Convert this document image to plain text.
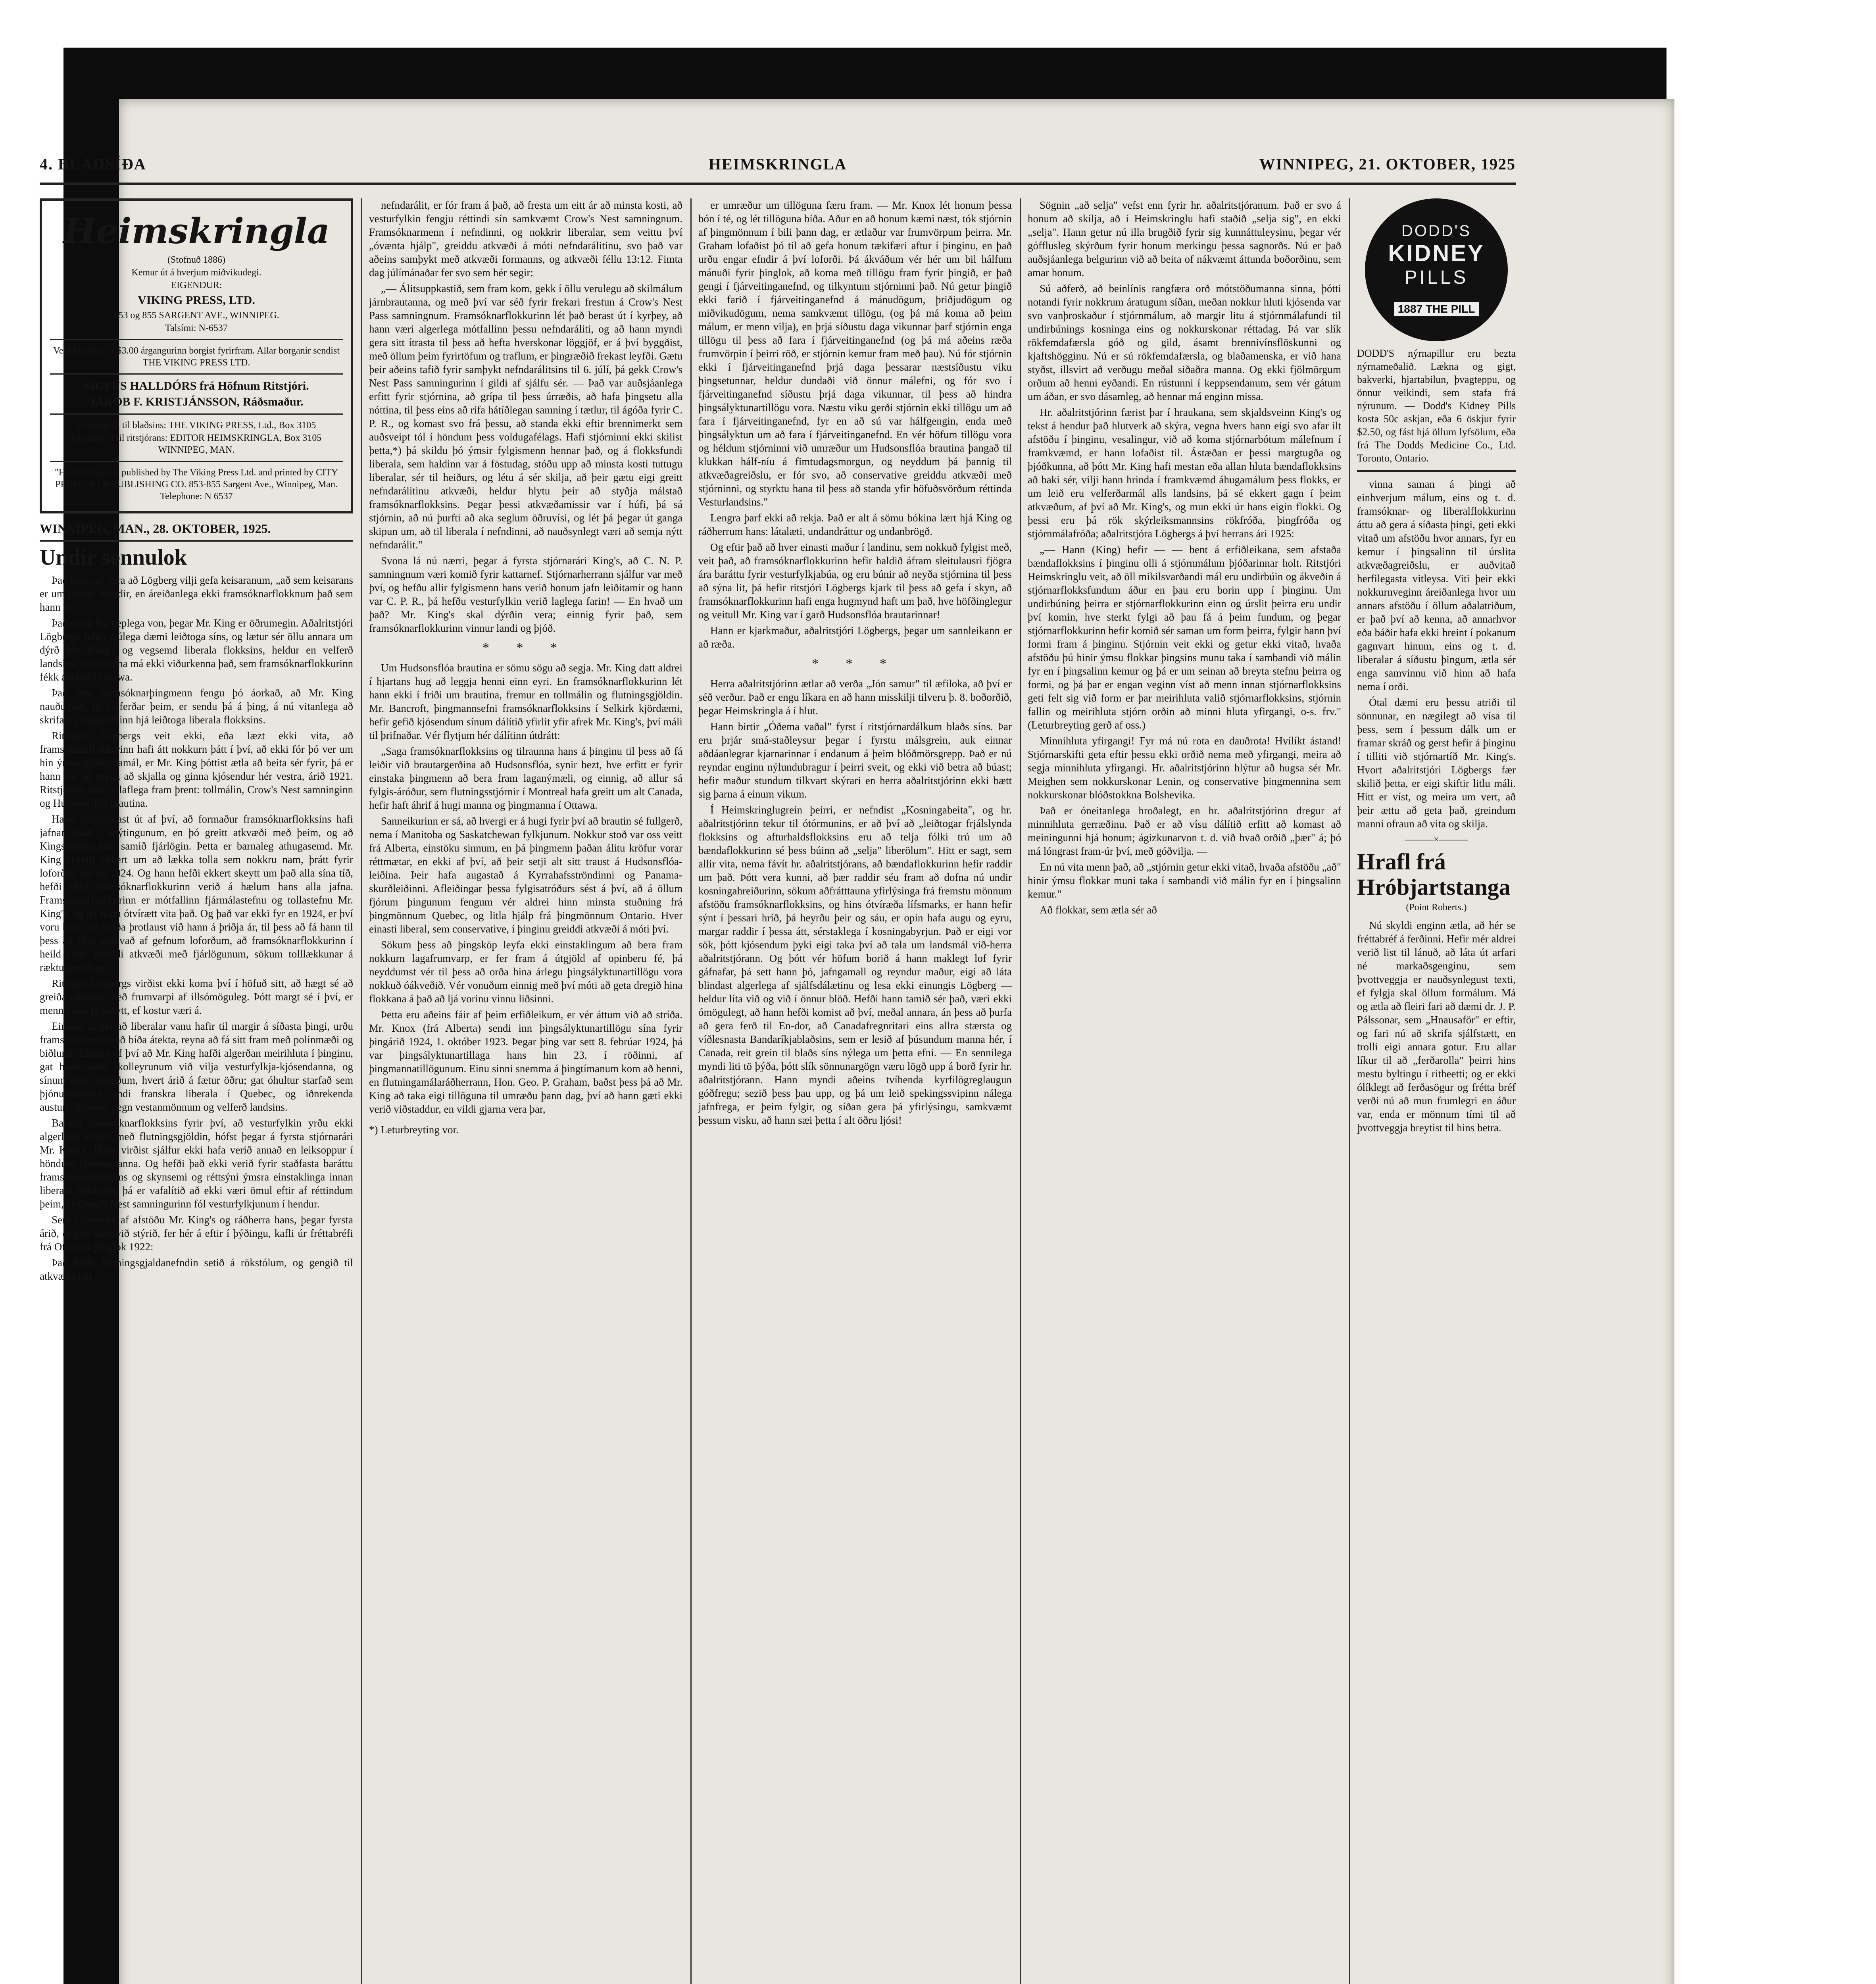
4. BLADSÍÐA	HEIMSKRINGLA	WINNIPEG, 21. OKTOBER, 1925
Heimskringla
(Stofnuð 1886)
Kemur út á hverjum miðvikudegi.
EIGENDUR:
VIKING PRESS, LTD.
853 og 855 SARGENT AVE., WINNIPEG.
Talsími: N-6537
Verð blaðsins er $3.00 árgangurinn borgist fyrirfram. Allar borganir sendist THE VIKING PRESS LTD.
SIGFÚS HALLDÓRS frá Höfnum Ritstjóri.
JAKOB F. KRISTJÁNSSON, Ráðsmaður.
Utanáskrift til blaðsins: THE VIKING PRESS, Ltd., Box 3105
Utanáskrift til ritstjórans: EDITOR HEIMSKRINGLA, Box 3105 WINNIPEG, MAN.
"Heimskringla is published by The Viking Press Ltd. and printed by CITY PRINTING & PUBLISHING CO. 853-855 Sargent Ave., Winnipeg, Man. Telephone: N 6537
WINNIPEG, MAN., 28. OKTOBER, 1925.
Undir sennulok

Það kann að vera að Lögberg vilji gefa keisaranum, „að sem keisarans er um þessar mundir, en áreiðanlega ekki framsóknarflokknum það sem hann er.

Það er nú íka tæplega von, þegar Mr. King er öðrumegin. Aðalritstjóri Lögbergs fylgir trúlega dæmi leiðtoga síns, og lætur sér öllu annara um dýrð Mr. King's og vegsemd liberala flokksins, heldur en velferð landsins. Þess vegna má ekki viðurkenna það, sem framsóknarflokkurinn fékk áorkað í Ottawa.

Það sem framsóknarþingmenn fengu þó áorkað, að Mr. King nauðugum, til velferðar þeim, er sendu þá á þing, á nú vitanlega að skrifast í tekjudálkinn hjá leiðtoga liberala flokksins.

Ritstjóri Lögbergs veit ekki, eða læzt ekki vita, að framsóknarflokkurinn hafi átt nokkurn þátt í því, að ekki fór þó ver um hin ýmsu þjóðþrifamál, er Mr. King þóttist ætla að beita sér fyrir, þá er hann var að reyna að skjalla og ginna kjósendur hér vestra, árið 1921. Ritstjórinn telur allaflega fram þrent: tollmálin, Crow's Nest samninginn og Hudsonsflóa brautina.

Hann fjargviðrast út af því, að formaður framsóknarflokksins hafi jafnan talað í ónýtingunum, en þó greitt atkvæði með þeim, og að Kingstjórnin hafi samið fjárlögin. Þetta er barnaleg athugasemd. Mr. King skeytti ekkert um að lækka tolla sem nokkru nam, þrátt fyrir loforðin, fyr en 1924. Og hann hefði ekkert skeytt um það alla sína tíð, hefði ekki framsóknarflokkurinn verið á hælum hans alla jafna. Framsóknarflokkurinn er mótfallinn fjármálastefnu og tollastefnu Mr. King's, og lét hann ótvírætt vita það. Og það var ekki fyr en 1924, er því voru búnir að stríða þrotlaust við hann á þriðja ár, til þess að fá hann til þess að efna eitthvað af gefnum loforðum, að framsóknarflokkurinn í heild sinni greiddi atkvæði með fjárlögunum, sökum tolllækkunar á ræktunarvélum.

Ritstjóri Lögbergs virðist ekki koma því í höfuð sitt, að hægt sé að greiða atkvæði með frumvarpi af illsómöguleg. Þótt margt sé í því, er menn vildu fá breytt, ef kostur væri á.

Einmitt af því að liberalar vanu hafir til margir á síðasta þingi, urðu framsóknarmenn að bíða átekta, reyna að fá sitt fram með polinmæði og biðlund. Einmitt af því að Mr. King hafði algerðan meirihluta í þinginu, gat hann skelt skolleyrunum við vilja vesturfylkja-kjósendanna, og sínum eigin loforðum, hvert árið á fætur öðru; gat óhultur starfað sem þjónustusamur andi franskra liberala í Quebec, og iðnrekenda austurfylkjanna, gegn vestanmönnum og velferð landsins.

Barátta framsóknarflokksins fyrir því, að vesturfylkin yrðu ekki algerlega afskift með flutningsgjöldin, hófst þegar á fyrsta stjórnarári Mr. King's. Hann virðist sjálfur ekki hafa verið annað en leiksoppur í höndum járnbrautanna. Og hefði það ekki verið fyrir staðfasta baráttu framsóknarflokksins og skynsemi og réttsýni ýmsra einstaklinga innan liberala flokksins, þá er vafalítið að ekki væri ömul eftir af réttindum þeim, er Crow's Nest samningurinn fól vesturfylkjunum í hendur.

Sem sýnishorn af afstöðu Mr. King's og ráðherra hans, þegar fyrsta árið, er þeir sátu við stýrið, fer hér á eftir í þýðingu, kafli úr fréttabréfi frá Ottawa í þinglok 1922:

Það hafði flutningsgjaldanefndin setið á rökstólum, og gengið til atkvæða um

nefndarálit, er fór fram á það, að fresta um eitt ár að minsta kosti, að vesturfylkin fengju réttindi sín samkvæmt Crow's Nest samningnum. Framsóknarmenn í nefndinni, og nokkrir liberalar, sem veittu því „óvænta hjálp", greiddu atkvæði á móti nefndarálitinu, svo það var aðeins samþykt með atkvæði formanns, og atkvæði féllu 13:12. Fimta dag júlímánaðar fer svo sem hér segir:

„— Álitsuppkastið, sem fram kom, gekk í öllu verulegu að skilmálum járnbrautanna, og með því var séð fyrir frekari frestun á Crow's Nest Pass samningnum. Framsóknarflokkurinn lét það berast út í kyrþey, að hann væri algerlega mótfallinn þessu nefndaráliti, og að hann myndi gera sitt ítrasta til þess að hefta hverskonar löggjöf, er á því byggðist, með öllum þeim fyrirtöfum og traflum, er þingræðið frekast leyfði. Gætu þeir aðeins tafið fyrir samþykt nefndarálitsins til 6. júlí, þá gekk Crow's Nest Pass samningurinn í gildi af sjálfu sér. — Það var auðsjáanlega erfitt fyrir stjórnina, að grípa til þess úrræðis, að hafa þingsetu alla nóttina, til þess eins að rifa hátíðlegan samning í tætlur, til ágóða fyrir C. P. R., og komast svo frá þessu, að standa ekki eftir brennimerkt sem auðsveipt tól í höndum þess voldugafélags. Hafi stjórninni ekki skilist þetta,*) þá skildu þó ýmsir fylgismenn hennar það, og á flokksfundi liberala, sem haldinn var á föstudag, stóðu upp að minsta kosti tuttugu liberalar, sér til heiðurs, og létu á sér skilja, að þeir gætu eigi greitt nefndarálitinu atkvæði, heldur hlytu þeir að styðja málstað framsóknarflokksins. Þegar þessi atkvæðamissir var í húfi, þá sá stjórnin, að nú þurfti að aka seglum öðruvísi, og lét þá þegar út ganga skipun um, að til liberala í nefndinni, að nauðsynlegt væri að semja nýtt nefndarálit."

Svona lá nú nærri, þegar á fyrsta stjórnarári King's, að C. N. P. samningnum væri komið fyrir kattarnef. Stjórnarherrann sjálfur var með því, og hefðu allir fylgismenn hans verið honum jafn leiðitamir og hann var C. P. R., þá hefðu vesturfylkin verið laglega farin! — En hvað um það? Mr. King's skal dýrðin vera; einnig fyrir það, sem framsóknarflokkurinn vinnur landi og þjóð.

* * *

Um Hudsonsflóa brautina er sömu sögu að segja. Mr. King datt aldrei í hjartans hug að leggja henni einn eyri. En framsóknarflokkurinn lét hann ekki í friði um brautina, fremur en tollmálin og flutningsgjöldin. Mr. Bancroft, þingmannsefni framsóknarflokksins í Selkirk kjördæmi, hefir gefið kjósendum sínum dálítið yfirlit yfir afrek Mr. King's, því máli til þrifnaðar. Vér flytjum hér dálítinn útdrátt:

„Saga framsóknarflokksins og tilraunna hans á þinginu til þess að fá leiðir við brautargerðina að Hudsonsflóa, synir bezt, hve erfitt er fyrir einstaka þingmenn að bera fram laganýmæli, og einnig, að allur sá fylgis-áróður, sem flutningsstjórnir í Montreal hafa greitt um alt Canada, hefir haft áhrif á hugi manna og þingmanna í Ottawa.

Sanneikurinn er sá, að hvergi er á hugi fyrir því að brautin sé fullgerð, nema í Manitoba og Saskatchewan fylkjunum. Nokkur stoð var oss veitt frá Alberta, einstöku sinnum, en þá þingmenn þaðan álitu kröfur vorar réttmætar, en ekki af því, að þeir setji alt sitt traust á Hudsonsflóa-leiðina. Þeir hafa augastað á Kyrrahafsströndinni og Panama-skurðleiðinni. Afleiðingar þessa fylgisatróðurs sést á því, að á öllum fjórum þingunum fengum vér aldrei hinn minsta stuðning frá þingmönnum Quebec, og litla hjálp frá þingmönnum Ontario. Hver einasti liberal, sem conservative, í þinginu greiddi atkvæði á móti því.

Sökum þess að þingsköp leyfa ekki einstaklingum að bera fram nokkurn lagafrumvarp, er fer fram á útgjöld af opinberu fé, þá neyddumst vér til þess að orða hina árlegu þingsályktunartillögu vora nokkuð óákveðið. Vér vonuðum einnig með því móti að geta dregið hina flokkana á það að ljá vorinu vinnu liðsinni.

Þetta eru aðeins fáir af þeim erfiðleikum, er vér áttum við að stríða. Mr. Knox (frá Alberta) sendi inn þingsályktunartillögu sína fyrir þingárið 1924, 1. október 1923. Þegar þing var sett 8. febrúar 1924, þá var þingsályktunartillaga hans hin 23. í röðinni, af þingmannatillögunum. Einu sinni snemma á þingtímanum kom að henni, en flutningamálaráðherrann, Hon. Geo. P. Graham, baðst þess þá að Mr. King að taka eigi tillöguna til umræðu þann dag, því að hann gæti ekki verið viðstaddur, en vildi gjarna vera þar,

*) Leturbreyting vor.

er umræður um tillöguna færu fram. — Mr. Knox lét honum þessa bón í té, og lét tillöguna bíða. Aður en að honum kæmi næst, tók stjórnin af þingmönnum í bili þann dag, er ætlaður var frumvörpum þeirra. Mr. Graham lofaðist þó til að gefa honum tækifæri aftur í þinginu, en það urðu engar efndir á því loforði. Þá ákváðum vér hér um bil hálfum mánuði fyrir þinglok, að koma með tillögu fram fyrir þingið, er það gengi í fjárveitinganefnd, og tilkyntum stjórninni það. Nú getur þingið ekki farið í fjárveitinganefnd á mánudögum, þriðjudögum og miðvikudögum, nema samkvæmt tillögu, (og þá má koma að þeim málum, er menn vilja), en þrjá síðustu daga vikunnar þarf stjórnin enga tillögu til þess að fara í fjárveitinganefnd (og þá má aðeins ræða frumvörpin í þeirri röð, er stjórnin kemur fram með þau). Nú fór stjórnin ekki í fjárveitinganefnd þrjá daga þessarar næstsíðustu viku þingsetunnar, heldur dundaði við önnur málefni, og fór svo í fjárveitinganefnd síðustu þrjá daga vikunnar, til þess að hindra þingsályktunartillögu vora. Næstu viku gerði stjórnin ekki tillögu um að fara í fjárveitinganefnd, fyr en að sú var hálfgengin, enda með þingsályktun um að fara í fjárveitinganefnd. En vér höfum tillögu vora og héldum stjórninni við umræður um Hudsonsflóa brautina þangað til klukkan hálf-níu á fimtudagsmorgun, og neyddum þá þannig til atkvæðagreiðslu, er fór svo, að conservative greiddu atkvæði með stjórninni, og styrktu hana til þess að standa yfir höfuðsvörðum réttinda Vesturlandsins."

Lengra þarf ekki að rekja. Það er alt á sömu bókina lært hjá King og ráðherrum hans: látalæti, undandráttur og undanbrögð.

Og eftir það að hver einasti maður í landinu, sem nokkuð fylgist með, veit það, að framsóknarflokkurinn hefir haldið áfram sleitulausri fjögra ára baráttu fyrir vesturfylkjabúa, og eru búnir að neyða stjórnina til þess að sýna lit, þá hefir ritstjóri Lögbergs kjark til þess að gefa í skyn, að framsóknarflokkurinn hafi enga hugmynd haft um það, hve höfðinglegur og veitull Mr. King var í garð Hudsonsflóa brautarinnar!

Hann er kjarkmaður, aðalritstjóri Lögbergs, þegar um sannleikann er að ræða.

* * *

Herra aðalritstjórinn ætlar að verða „Jón samur" til æfiloka, að því er séð verður. Það er engu líkara en að hann misskilji tilveru þ. 8. boðorðið, þegar Heimskringla á í hlut.

Hann birtir „Óðema vaðal" fyrst í ritstjórnardálkum blaðs síns. Þar eru þrjár smá-staðleysur þegar í fyrstu málsgrein, auk einnar aðdáanlegrar kjarnarinnar í endanum á þeim blóðmörsgrepp. Það er nú reyndar enginn nýlundubragur í þeirri sveit, og ekki við betra að búast; hefir maður stundum tilkvart skýrari en herra aðalritstjórinn ekki bætt sig þarna á einum vikum.

Í Heimskringlugrein þeirri, er nefndist „Kosningabeita", og hr. aðalritstjórinn tekur til ótórmunins, er að því að „leiðtogar frjálslynda flokksins og afturhaldsflokksins eru að telja fólki trú um að bændaflokkurinn sé þess búinn að „selja" liberölum". Hitt er sagt, sem allir vita, nema fávít hr. aðalritstjórans, að bændaflokkurinn hefir raddir um það. Þótt vera kunni, að þær raddir séu fram að dofna nú undir kosningahreiðurinn, sökum aðfrátttauna yfirlýsinga frá fremstu mönnum afstöðu framsóknarflokksins, og hins ótvíræða lífsmarks, er hann hefir sýnt í þessari hríð, þá heyrðu þeir og sáu, er opin hafa augu og eyru, margar raddir í þessa átt, sérstaklega í kosningabyrjun. Það er eigi vor sök, þótt kjósendum þyki eigi taka því að tala um landsmál við-herra aðalritstjórann. Og þótt vér höfum borið á hann maklegt lof fyrir gáfnafar, þá sett hann þó, jafngamall og reyndur maður, eigi að láta blindast algerlega af sjálfsdálætinu og lesa ekki einungis Lögberg — heldur líta við og við í önnur blöð. Hefði hann tamið sér það, væri ekki ómögulegt, að hann hefði komist að því, meðal annara, án þess að þurfa að gera ferð til En-dor, að Canadafregnritari eins allra stærsta og víðlesnasta Bandaríkjablaðsins, sem er lesið af þúsundum manna hér, í Canada, reit grein til blaðs síns nýlega um þetta efni. — En sennilega myndi liti tö þýða, þótt slík sönnunargögn væru lögð upp á borð fyrir hr. aðalritstjórann. Hann myndi aðeins tvíhenda kyrfilögreglaugun góðfregu; sezið þess þau upp, og þá um leið spekingssvipinn nálega jafnfrega, er þeim fylgir, og síðan gera þá yfirlýsingu, samkvæmt þessum visku, að hann sæi þetta í alt öðru ljósi!

Sögnin „að selja" vefst enn fyrir hr. aðalritstjóranum. Það er svo á honum að skilja, að í Heimskringlu hafi staðið „selja sig", en ekki „selja". Hann getur nú illa brugðið fyrir sig kunnáttuleysinu, þegar vér gófflusleg skýrðum fyrir honum merkingu þessa sagnorðs. Nú er það auðsjáanlega belgurinn við að beita of nákvæmt áttunda boðorðinu, sem amar honum.

Sú aðferð, að beinlínis rangfæra orð mótstöðumanna sinna, þótti notandi fyrir nokkrum áratugum síðan, meðan nokkur hluti kjósenda var svo vanþroskaður í stjórnmálum, að margir litu á stjórnmálafundi til undirbúnings kosninga eins og nokkurskonar réttadag. Þá var slík rökfemdafærsla góð og gild, ásamt brennivínsflöskunni og kjaftshögginu. Nú er sú rökfemdafærsla, og blaðamenska, er við hana styðst, illsvirt að verðugu meðal siðaðra manna. Og ekki fjölmörgum orðum að henni eyðandi. En rústunni í keppsendanum, sem vér gátum um áðan, er svo dásamleg, að hennar má enginn missa.

Hr. aðalritstjórinn færist þar í hraukana, sem skjaldsveinn King's og tekst á hendur það hlutverk að skýra, vegna hvers hann eigi svo afar ilt afstöðu í þinginu, vesalingur, við að koma stjórnarbótum málefnum í framkvæmd, er hann lofaðist til. Ástæðan er þessi margtugða og þjóðkunna, að þótt Mr. King hafi mestan eða allan hluta bændaflokksins að baki sér, vilji hann hrinda í framkvæmd áhugamálum þess flokks, er um leið eru velferðarmál alls landsins, þá sé ekkert gagn í þeim atkvæðum, af því að Mr. King's, og mun ekki úr hans eigin flokki. Og þessi eru þá rök skýrleiksmannsins rökfróða, þingfróða og stjórnmálafróða; aðalritstjóra Lögbergs á því herrans ári 1925:

„— Hann (King) hefir — — bent á erfiðleikana, sem afstaða bændaflokksins í þinginu olli á stjórnmálum þjóðarinnar holt. Ritstjóri Heimskringlu veit, að öll mikilsvarðandi mál eru undirbúin og ákveðin á stjórnarflokksfundum áður en þau eru borin upp í þinginu. Um undirbúning þeirra er stjórnarflokkurinn einn og úrslit þeirra eru undir því komin, hve sterkt fylgi að þau fá á þeim fundum, og þegar stjórnarflokkurinn hefir komið sér saman um form þeirra, fylgir hann því formi fram á þinginu. Stjórnin veit ekki og getur ekki vitað, hvaða afstöðu þú hinir ýmsu flokkar þingsins munu taka í sambandi við málin fyr en í þingsalinn kemur og þá er um seinan að breyta stefnu þeirra og formi, og þá þar er engan veginn víst að menn innan stjórnarflokksins geti felt sig við form er þar meirihluta valið stjórnarflokksins, stjórnin fallin og meirihluta stjórn orðin að minni hluta yfirgangi, o-s. frv." (Leturbreyting gerð af oss.)

Minnihluta yfirgangi! Fyr má nú rota en dauðrota! Hvílíkt ástand! Stjórnarskifti geta eftir þessu ekki orðið nema með yfirgangi, meira að segja minnihluta yfirgangi. Hr. aðalritstjórinn hlýtur að hugsa sér Mr. Meighen sem nokkurskonar Lenin, og conservative þingmennina sem nokkurskonar blóðstokkna Bolshevika.

Það er óneitanlega hroðalegt, en hr. aðalritstjórinn dregur af minnihluta gerræðinu. Það er að vísu dálítið erfitt að komast að meiningunni hjá honum; ágizkunarvon t. d. við hvað orðið „þær" á; þó má lóngrast fram-úr því, með góðvilja. —

En nú vita menn það, að „stjórnin getur ekki vitað, hvaða afstöðu „að" hinir ýmsu flokkar muni taka í sambandi við málin fyr en í þingsalinn kemur."

Að flokkar, sem ætla sér að

DODD'S
KIDNEY
PILLS
1887 THE PILL
DODD'S nýrnapillur eru bezta nýrnameðalið. Lækna og gigt, bakverki, hjartabilun, þvagteppu, og önnur veikindi, sem stafa frá nýrunum. — Dodd's Kidney Pills kosta 50c askjan, eða 6 öskjur fyrir $2.50, og fást hjá öllum lyfsölum, eða frá The Dodds Medicine Co., Ltd. Toronto, Ontario.

vinna saman á þingi að einhverjum málum, eins og t. d. framsóknar- og liberalflokkurinn áttu að gera á síðasta þingi, geti ekki vitað um afstöðu hvor annars, fyr en kemur í þingsalinn til úrslita atkvæðagreiðslu, er auðvitað herfilegasta vitleysa. Viti þeir ekki nokkurnveginn áreiðanlega hvor um annars afstöðu í öllum aðalatriðum, er það því að kenna, að annarhvor eða báðir hafa ekki hreint í pokanum gagnvart hinum, eins og t. d. liberalar á síðustu þingum, ætla sér enga samvinnu við hinn að hafa nema í orði.

Ótal dæmi eru þessu atriði til sönnunar, en nægilegt að vísa til þess, sem í þessum dálk um er framar skráð og gerst hefir á þinginu í tilliti við stjórnartíð Mr. King's. Hvort aðalritstjóri Lögbergs fær skilið þetta, er eigi skiftir litlu máli. Hitt er víst, og meira um vert, að þeir ættu að geta það, greindum manni ofraun að vita og skilja.

———×———
Hrafl frá Hróbjartstanga
(Point Roberts.)

Nú skyldi enginn ætla, að hér se fréttabréf á ferðinni. Hefir mér aldrei verið list til lánuð, að láta út arfari né markaðsgenginu, sem þvottveggja er nauðsynlegust texti, ef fylgja skal öllum formálum. Má og ætla að fleiri fari að dæmi dr. J. P. Pálssonar, sem „Hnausaför" er eftir, og fari nú að skrifa sjálfstætt, en trolli eigi annara gotur. Eru allar líkur til að „ferðarolla" þeirri hins mestu byltingu í ritheetti; og er ekki ólíklegt að ferðasögur og frétta bréf verði nú að mun frumlegri en áður var, enda er mönnum tími til að þvottveggja breytist til hins betra.
